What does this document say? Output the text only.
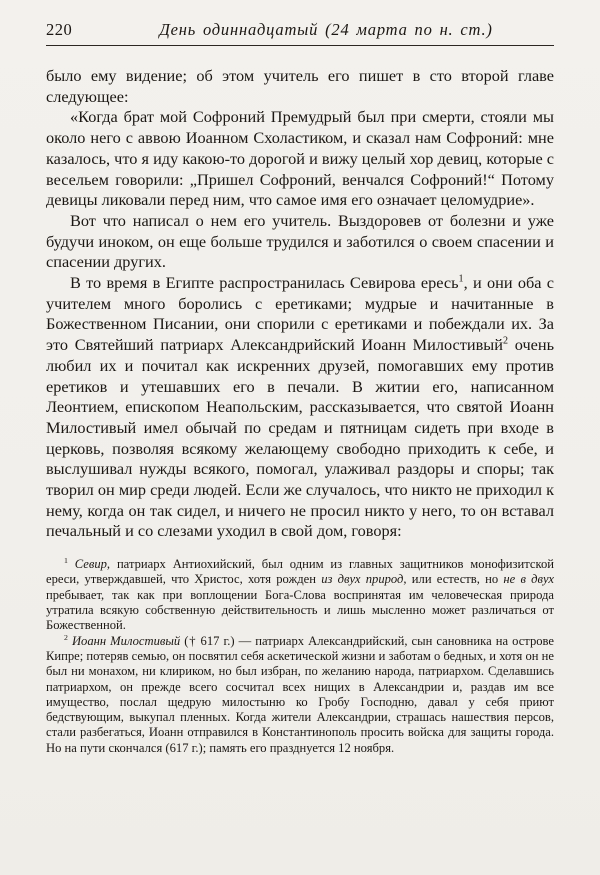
220	День одиннадцатый (24 марта по н. ст.)

было ему видение; об этом учитель его пишет в сто второй главе следующее:

«Когда брат мой Софроний Премудрый был при смерти, стояли мы около него с аввою Иоанном Схоластиком, и сказал нам Софроний: мне казалось, что я иду какою-то дорогой и вижу целый хор девиц, которые с весельем говорили: „Пришел Софроний, венчался Софроний!“ Потому девицы ликовали перед ним, что самое имя его означает целомудрие».

Вот что написал о нем его учитель. Выздоровев от болезни и уже будучи иноком, он еще больше трудился и заботился о своем спасении и спасении других.

В то время в Египте распространилась Севирова ересь$^1$, и они оба с учителем много боролись с еретиками; мудрые и начитанные в Божественном Писании, они спорили с еретиками и побеждали их. За это Святейший патриарх Александрийский Иоанн Милостивый$^2$ очень любил их и почитал как искренних друзей, помогавших ему против еретиков и утешавших его в печали. В житии его, написанном Леонтием, епископом Неапольским, рассказывается, что святой Иоанн Милостивый имел обычай по средам и пятницам сидеть при входе в церковь, позволяя всякому желающему свободно приходить к себе, и выслушивал нужды всякого, помогал, улаживал раздоры и споры; так творил он мир среди людей. Если же случалось, что никто не приходил к нему, когда он так сидел, и ничего не просил никто у него, то он вставал печальный и со слезами уходил в свой дом, говоря:

$^1$ Севир, патриарх Антиохийский, был одним из главных защитников монофизитской ереси, утверждавшей, что Христос, хотя рожден из двух природ, или естеств, но не в двух пребывает, так как при воплощении Бога-Слова воспринятая им человеческая природа утратила всякую собственную действительность и лишь мысленно может различаться от Божественной.

$^2$ Иоанн Милостивый († 617 г.) — патриарх Александрийский, сын сановника на острове Кипре; потеряв семью, он посвятил себя аскетической жизни и заботам о бедных, и хотя он не был ни монахом, ни клириком, но был избран, по желанию народа, патриархом. Сделавшись патриархом, он прежде всего сосчитал всех нищих в Александрии и, раздав им все имущество, послал щедрую милостыню ко Гробу Господню, давал у себя приют бедствующим, выкупал пленных. Когда жители Александрии, страшась нашествия персов, стали разбегаться, Иоанн отправился в Константинополь просить войска для защиты города. Но на пути скончался (617 г.); память его празднуется 12 ноября.
